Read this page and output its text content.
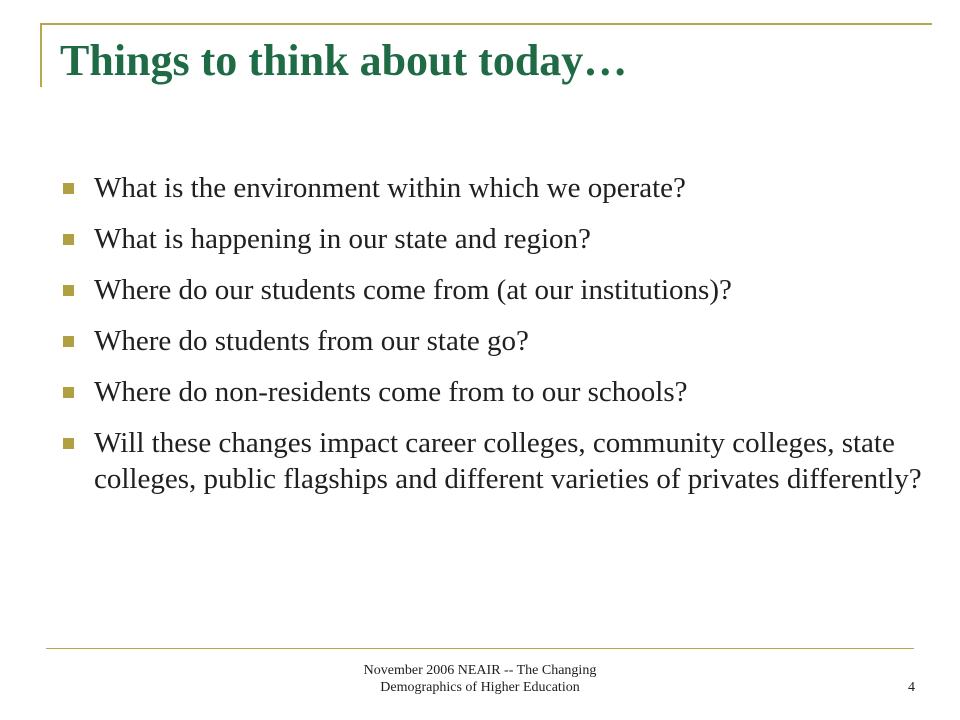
Things to think about today…
What is the environment within which we operate?
What is happening in our state and region?
Where do our students come from (at our institutions)?
Where do students from our state go?
Where do non-residents come from to our schools?
Will these changes impact career colleges, community colleges, state colleges, public flagships and different varieties of privates differently?
November 2006 NEAIR -- The Changing
Demographics of Higher Education	4
